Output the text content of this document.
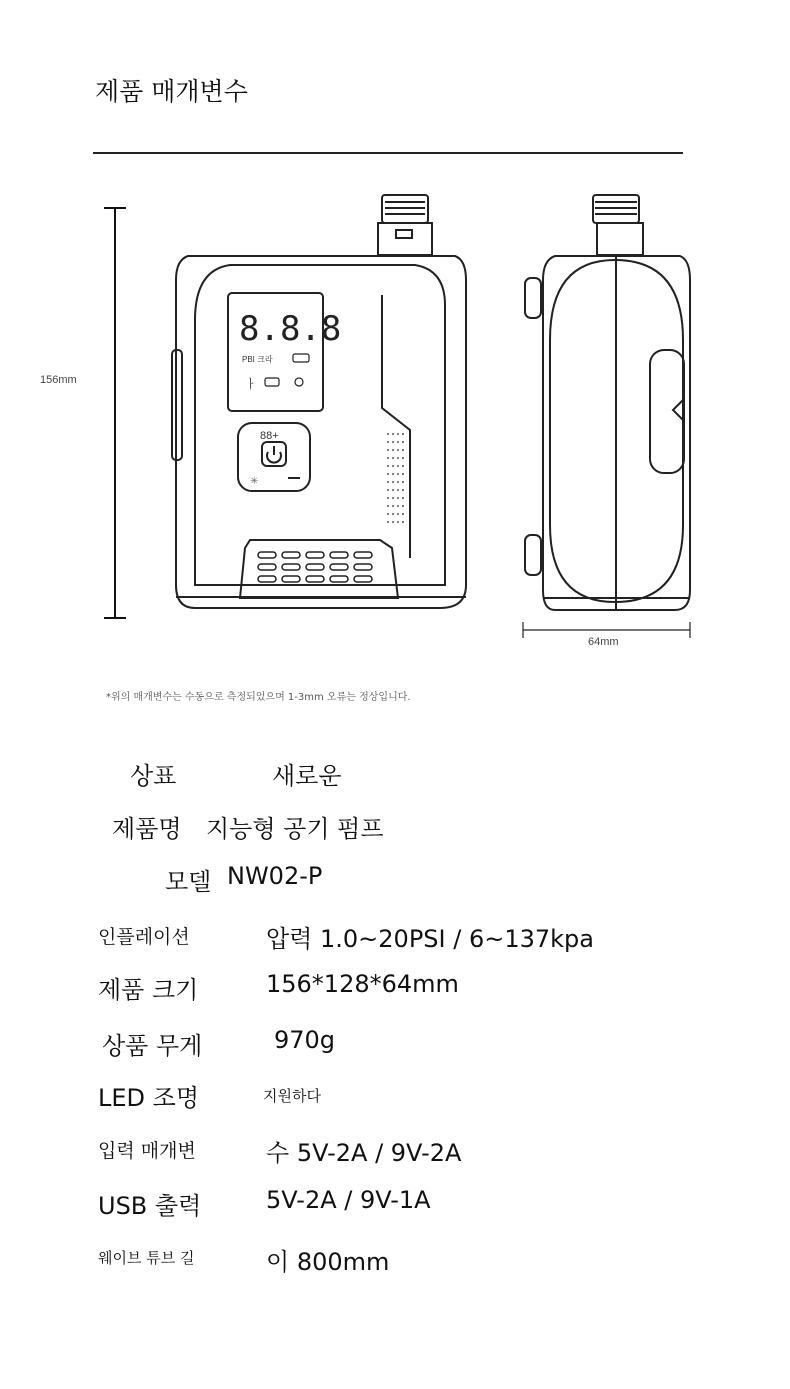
제품 매개변수
156mm
8.8.8
PBI 크라
ㅏ
88+
✳
64mm
*위의 매개변수는 수동으로 측정되었으며 1-3mm 오류는 정상입니다.
상표	새로운
제품명 지능형 공기 펌프
모델 NW02-P
인플레이션	압력 1.0~20PSI / 6~137kpa
제품 크기	156*128*64mm
상품 무게	970g
LED 조명	지원하다
입력 매개변	수 5V-2A / 9V-2A
USB 출력	5V-2A / 9V-1A
웨이브 튜브 길	이 800mm
